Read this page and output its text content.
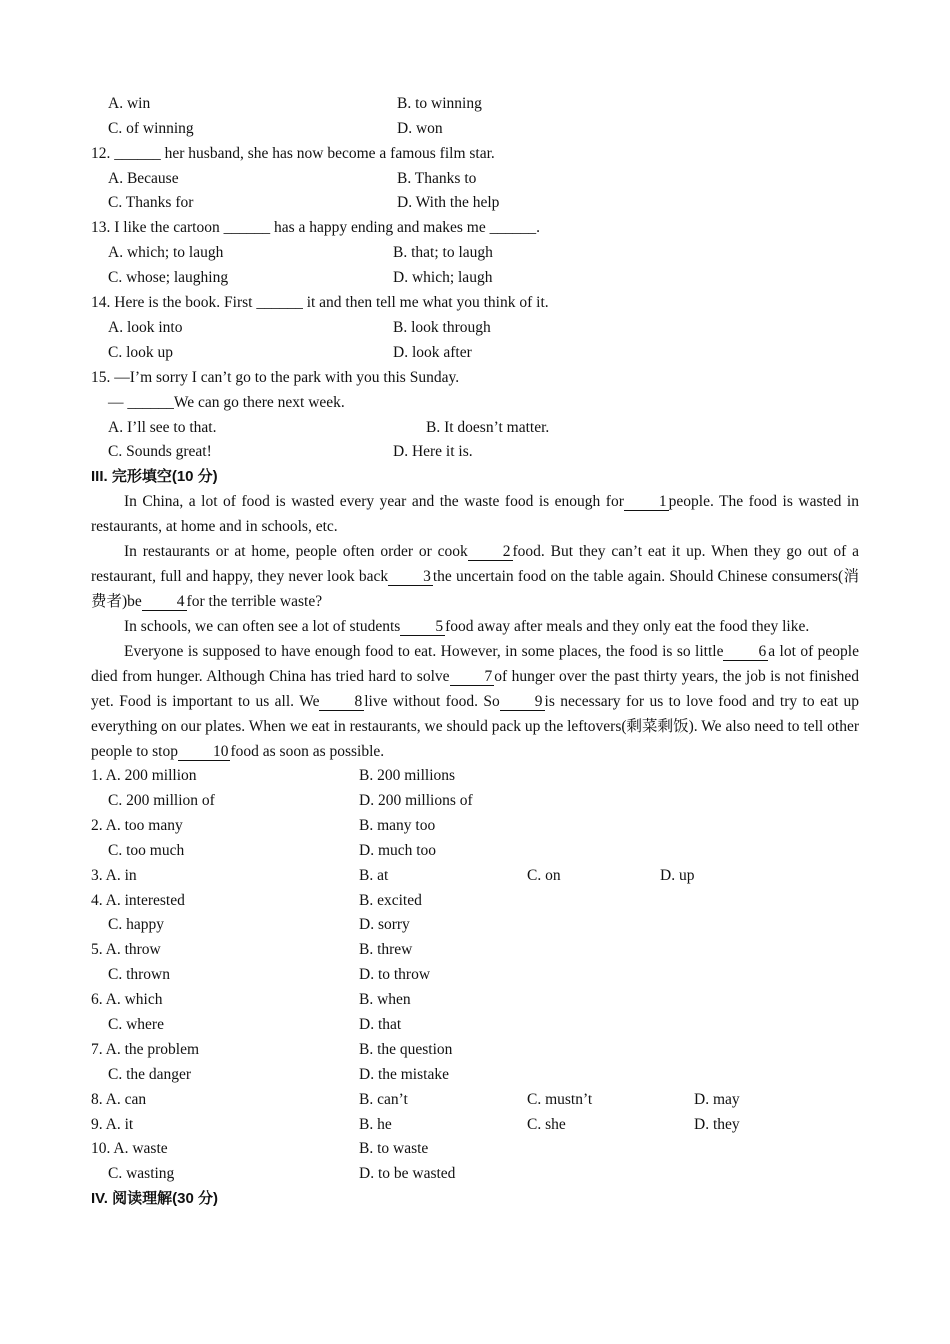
A. win	B. to winning
C. of winning	D. won
12. ______ her husband, she has now become a famous film star.
A. Because	B. Thanks to
C. Thanks for	D. With the help
13. I like the cartoon ______ has a happy ending and makes me ______.
A. which; to laugh	B. that; to laugh
C. whose; laughing	D. which; laugh
14. Here is the book. First ______ it and then tell me what you think of it.
A. look into	B. look through
C. look up	D. look after
15. —I’m sorry I can’t go to the park with you this Sunday.
— ______We can go there next week.
A. I’ll see to that.	B. It doesn’t matter.
C. Sounds great!	D. Here it is.
III. 完形填空(10 分)
In China, a lot of food is wasted every year and the waste food is enough for 1 people. The food is wasted in restaurants, at home and in schools, etc.
In restaurants or at home, people often order or cook 2 food. But they can’t eat it up. When they go out of a restaurant, full and happy, they never look back 3 the uncertain food on the table again. Should Chinese consumers(消费者)be 4 for the terrible waste?
In schools, we can often see a lot of students 5 food away after meals and they only eat the food they like.
Everyone is supposed to have enough food to eat. However, in some places, the food is so little 6 a lot of people died from hunger. Although China has tried hard to solve 7 of hunger over the past thirty years, the job is not finished yet. Food is important to us all. We 8 live without food. So 9 is necessary for us to love food and try to eat up everything on our plates. When we eat in restaurants, we should pack up the leftovers(剩菜剩饭). We also need to tell other people to stop 10 food as soon as possible.
1. A. 200 million	B. 200 millions
C. 200 million of	D. 200 millions of
2. A. too many	B. many too
C. too much	D. much too
3. A. in	B. at	C. on	D. up
4. A. interested	B. excited
C. happy	D. sorry
5. A. throw	B. threw
C. thrown	D. to throw
6. A. which	B. when
C. where	D. that
7. A. the problem	B. the question
C. the danger	D. the mistake
8. A. can	B. can’t	C. mustn’t	D. may
9. A. it	B. he	C. she	D. they
10. A. waste	B. to waste
C. wasting	D. to be wasted
IV. 阅读理解(30 分)
